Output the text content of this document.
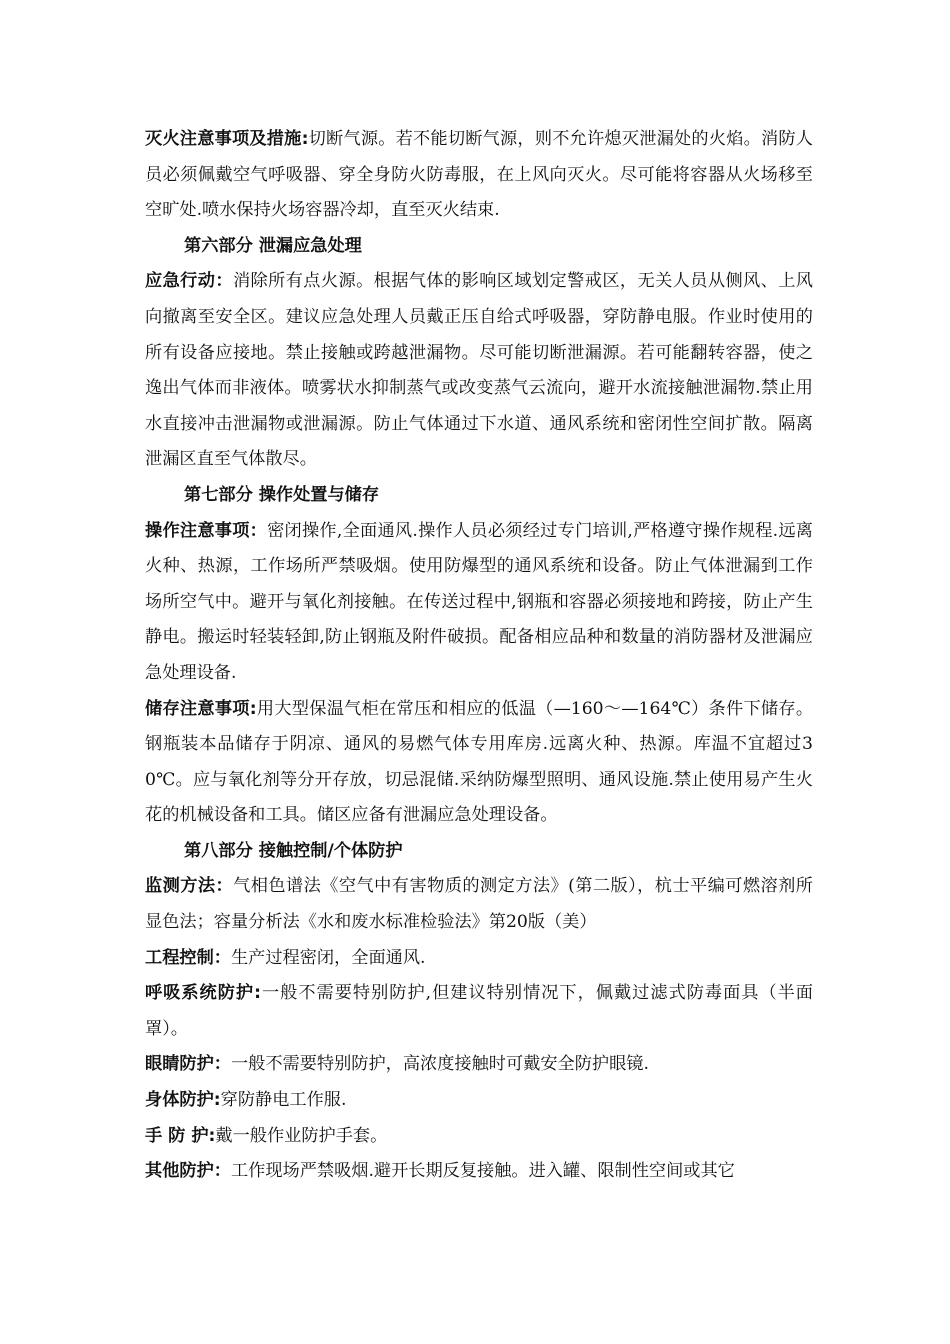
灭火注意事项及措施:切断气源。若不能切断气源，则不允许熄灭泄漏处的火焰。消防人员必须佩戴空气呼吸器、穿全身防火防毒服，在上风向灭火。尽可能将容器从火场移至空旷处.喷水保持火场容器冷却，直至灭火结束.

第六部分 泄漏应急处理

应急行动：消除所有点火源。根据气体的影响区域划定警戒区，无关人员从侧风、上风向撤离至安全区。建议应急处理人员戴正压自给式呼吸器，穿防静电服。作业时使用的所有设备应接地。禁止接触或跨越泄漏物。尽可能切断泄漏源。若可能翻转容器，使之逸出气体而非液体。喷雾状水抑制蒸气或改变蒸气云流向，避开水流接触泄漏物.禁止用水直接冲击泄漏物或泄漏源。防止气体通过下水道、通风系统和密闭性空间扩散。隔离泄漏区直至气体散尽。

第七部分 操作处置与储存

操作注意事项：密闭操作,全面通风.操作人员必须经过专门培训,严格遵守操作规程.远离火种、热源，工作场所严禁吸烟。使用防爆型的通风系统和设备。防止气体泄漏到工作场所空气中。避开与氧化剂接触。在传送过程中,钢瓶和容器必须接地和跨接，防止产生静电。搬运时轻装轻卸,防止钢瓶及附件破损。配备相应品种和数量的消防器材及泄漏应急处理设备.

储存注意事项:用大型保温气柜在常压和相应的低温（—160～—164℃）条件下储存。钢瓶装本品储存于阴凉、通风的易燃气体专用库房.远离火种、热源。库温不宜超过30℃。应与氧化剂等分开存放，切忌混储.采纳防爆型照明、通风设施.禁止使用易产生火花的机械设备和工具。储区应备有泄漏应急处理设备。

第八部分 接触控制/个体防护

监测方法：气相色谱法《空气中有害物质的测定方法》(第二版），杭士平编可燃溶剂所显色法；容量分析法《水和废水标准检验法》第20版（美）

工程控制：生产过程密闭，全面通风.

呼吸系统防护:一般不需要特别防护,但建议特别情况下，佩戴过滤式防毒面具（半面罩）。

眼睛防护：一般不需要特别防护，高浓度接触时可戴安全防护眼镜.

身体防护:穿防静电工作服.

手 防 护:戴一般作业防护手套。

其他防护：工作现场严禁吸烟.避开长期反复接触。进入罐、限制性空间或其它
